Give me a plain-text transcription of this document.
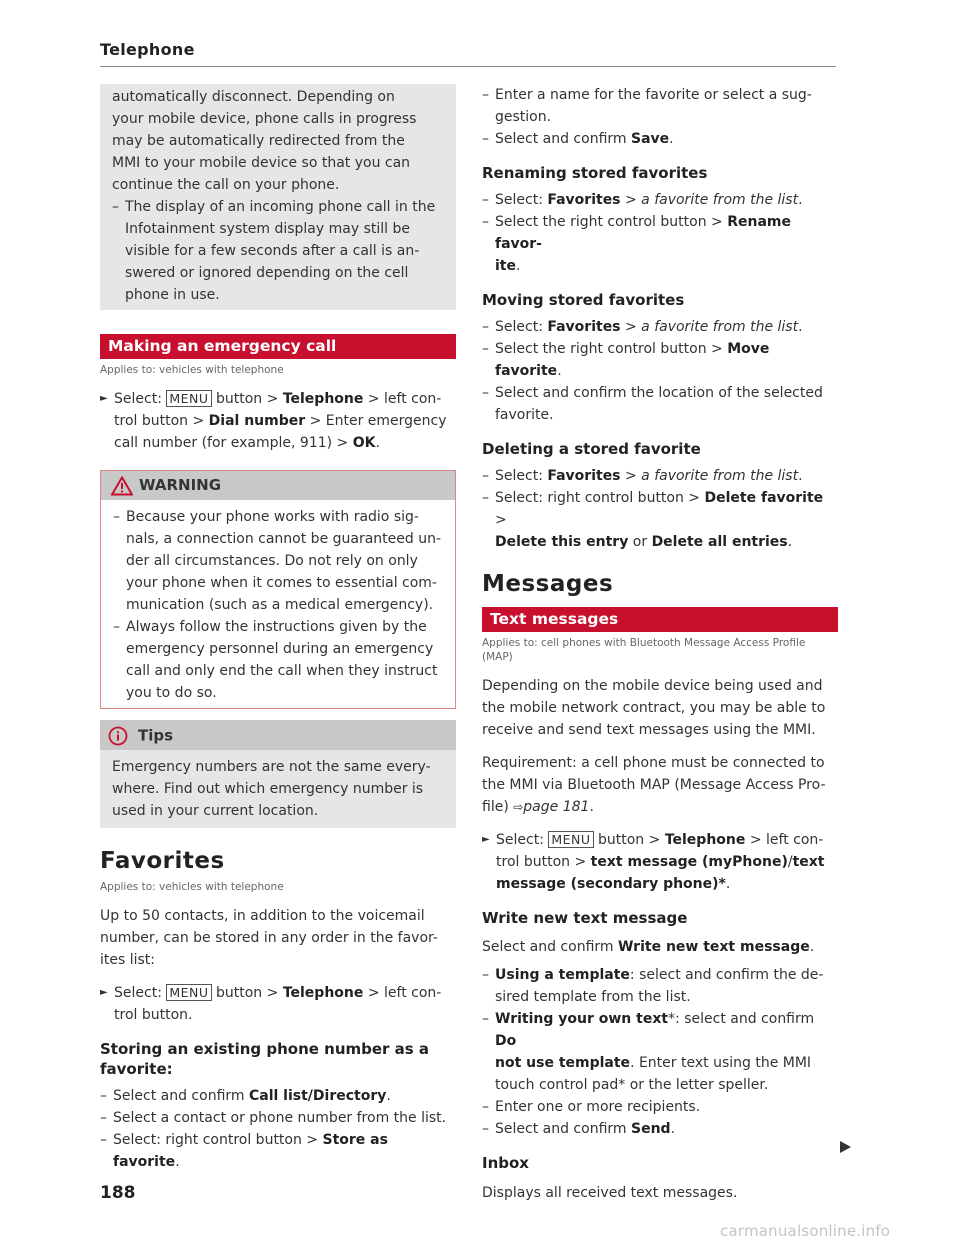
Telephone

automatically disconnect. Depending on

your mobile device, phone calls in progress

may be automatically redirected from the

MMI to your mobile device so that you can

continue the call on your phone.

– The display of an incoming phone call in the
Infotainment system display may still be
visible for a few seconds after a call is an-
swered or ignored depending on the cell
phone in use.
Making an emergency call
Applies to: vehicles with telephone
► Select: MENU button > Telephone > left con-
trol button > Dial number > Enter emergency
call number (for example, 911) > OK.
WARNING
– Because your phone works with radio sig-
nals, a connection cannot be guaranteed un-
der all circumstances. Do not rely on only
your phone when it comes to essential com-
munication (such as a medical emergency).
– Always follow the instructions given by the
emergency personnel during an emergency
call and only end the call when they instruct
you to do so.
Tips
Emergency numbers are not the same every-
where. Find out which emergency number is
used in your current location.
Favorites
Applies to: vehicles with telephone
Up to 50 contacts, in addition to the voicemail
number, can be stored in any order in the favor-
ites list:
► Select: MENU button > Telephone > left con-
trol button.
Storing an existing phone number as a
favorite:
– Select and confirm Call list/Directory.
– Select a contact or phone number from the list.
– Select: right control button > Store as favorite.
– Enter a name for the favorite or select a sug-
gestion.
– Select and confirm Save.
Renaming stored favorites
– Select: Favorites > a favorite from the list.
– Select the right control button > Rename favor-
ite.
Moving stored favorites
– Select: Favorites > a favorite from the list.
– Select the right control button > Move favorite.
– Select and confirm the location of the selected
favorite.
Deleting a stored favorite
– Select: Favorites > a favorite from the list.
– Select: right control button > Delete favorite >
Delete this entry or Delete all entries.
Messages
Text messages
Applies to: cell phones with Bluetooth Message Access Profile
(MAP)
Depending on the mobile device being used and
the mobile network contract, you may be able to
receive and send text messages using the MMI.
Requirement: a cell phone must be connected to
the MMI via Bluetooth MAP (Message Access Pro-
file) ⇨page 181.
► Select: MENU button > Telephone > left con-
trol button > text message (myPhone)/text
message (secondary phone)*.
Write new text message
Select and confirm Write new text message.
– Using a template: select and confirm the de-
sired template from the list.
– Writing your own text*: select and confirm Do
not use template. Enter text using the MMI
touch control pad* or the letter speller.
– Enter one or more recipients.
– Select and confirm Send.
Inbox
Displays all received text messages.
188
carmanualsonline.info
